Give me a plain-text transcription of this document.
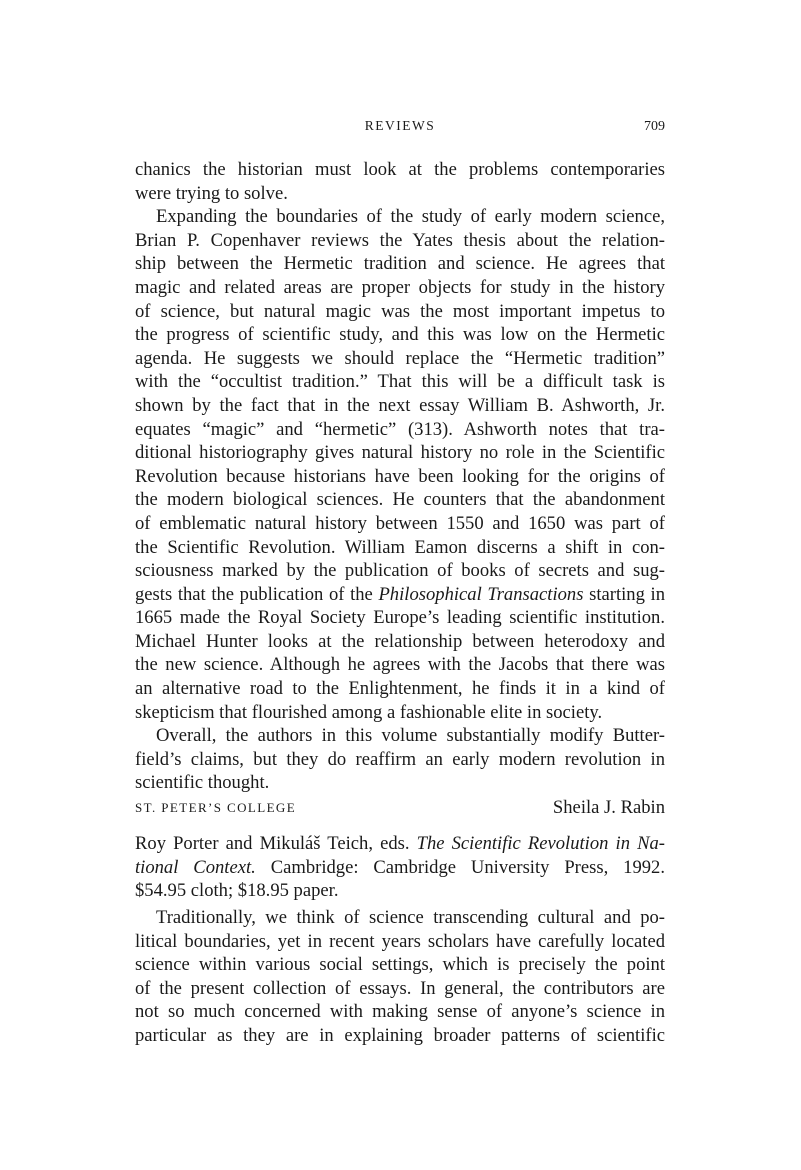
REVIEWS	709
chanics the historian must look at the problems contemporaries
were trying to solve.
Expanding the boundaries of the study of early modern science,
Brian P. Copenhaver reviews the Yates thesis about the relation-
ship between the Hermetic tradition and science. He agrees that
magic and related areas are proper objects for study in the history
of science, but natural magic was the most important impetus to
the progress of scientific study, and this was low on the Hermetic
agenda. He suggests we should replace the “Hermetic tradition”
with the “occultist tradition.” That this will be a difficult task is
shown by the fact that in the next essay William B. Ashworth, Jr.
equates “magic” and “hermetic” (313). Ashworth notes that tra-
ditional historiography gives natural history no role in the Scientific
Revolution because historians have been looking for the origins of
the modern biological sciences. He counters that the abandonment
of emblematic natural history between 1550 and 1650 was part of
the Scientific Revolution. William Eamon discerns a shift in con-
sciousness marked by the publication of books of secrets and sug-
gests that the publication of the Philosophical Transactions starting in
1665 made the Royal Society Europe’s leading scientific institution.
Michael Hunter looks at the relationship between heterodoxy and
the new science. Although he agrees with the Jacobs that there was
an alternative road to the Enlightenment, he finds it in a kind of
skepticism that flourished among a fashionable elite in society.
Overall, the authors in this volume substantially modify Butter-
field’s claims, but they do reaffirm an early modern revolution in
scientific thought.
ST. PETER’S COLLEGE	Sheila J. Rabin
Roy Porter and Mikuláš Teich, eds. The Scientific Revolution in Na-
tional Context. Cambridge: Cambridge University Press, 1992.
$54.95 cloth; $18.95 paper.
Traditionally, we think of science transcending cultural and po-
litical boundaries, yet in recent years scholars have carefully located
science within various social settings, which is precisely the point
of the present collection of essays. In general, the contributors are
not so much concerned with making sense of anyone’s science in
particular as they are in explaining broader patterns of scientific
